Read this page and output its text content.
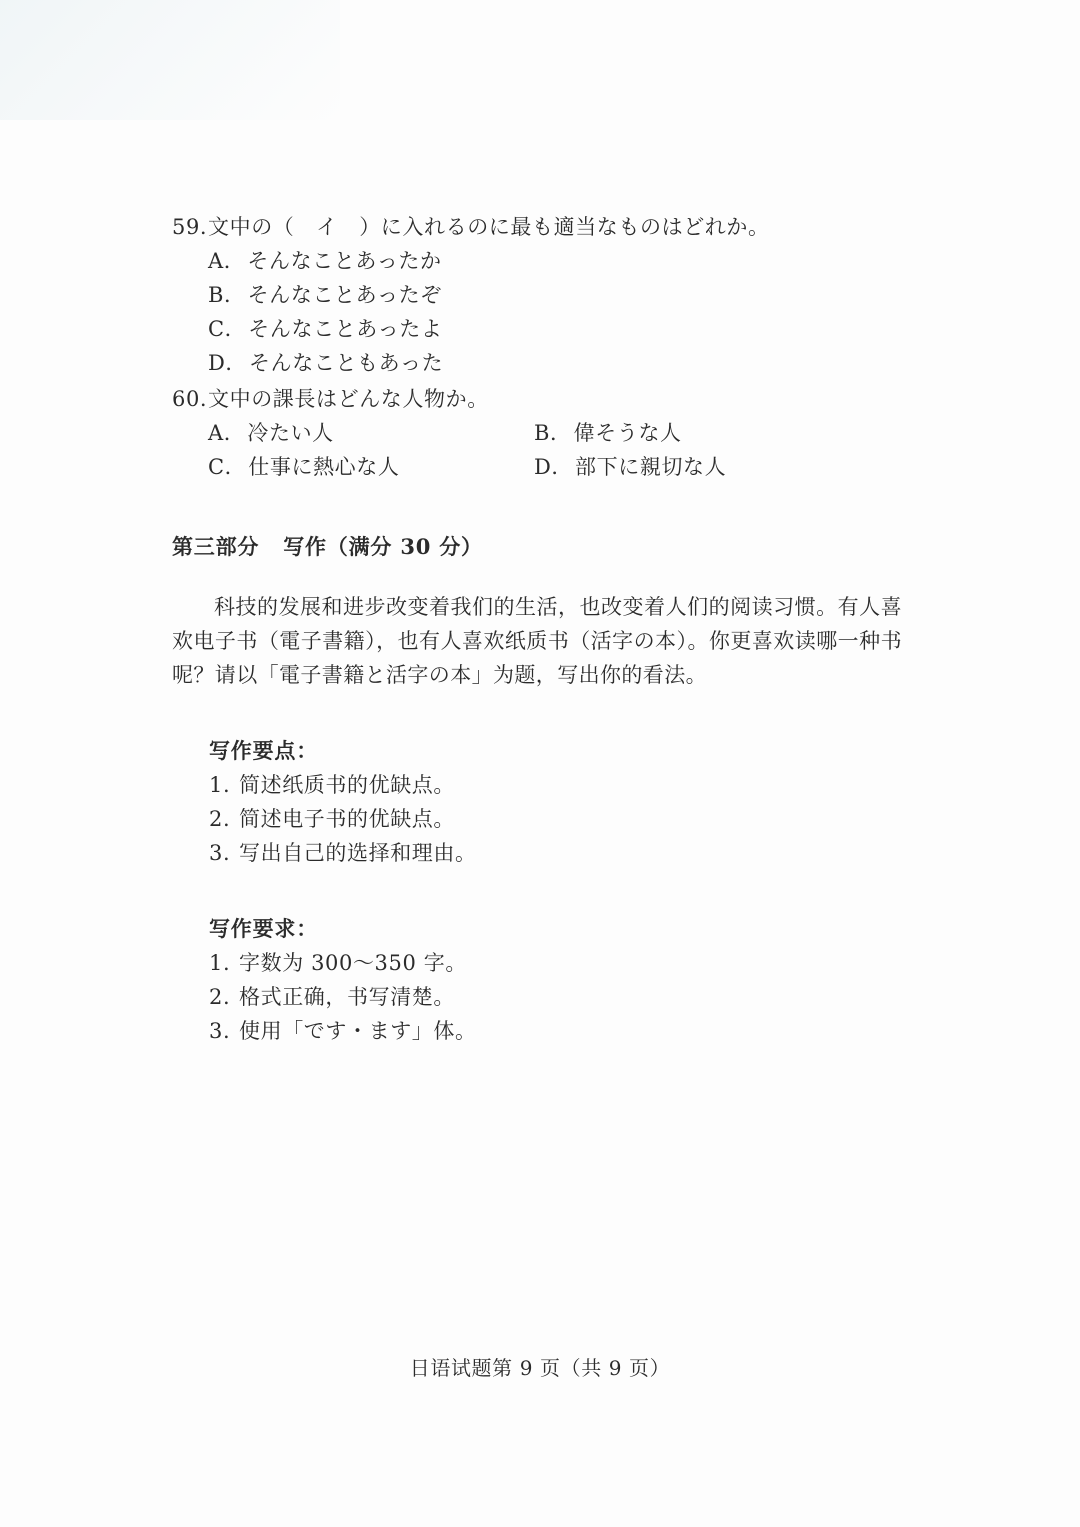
59.文中の（　イ　）に入れるのに最も適当なものはどれか。
A．そんなことあったか
B．そんなことあったぞ
C．そんなことあったよ
D．そんなこともあった
60.文中の課長はどんな人物か。
A．冷たい人	B．偉そうな人
C．仕事に熱心な人	D．部下に親切な人
第三部分 写作（满分 30 分）
科技的发展和进步改变着我们的生活，也改变着人们的阅读习惯。有人喜欢电子书（電子書籍），也有人喜欢纸质书（活字の本）。你更喜欢读哪一种书呢？请以「電子書籍と活字の本」为题，写出你的看法。
写作要点：
1. 简述纸质书的优缺点。
2. 简述电子书的优缺点。
3. 写出自己的选择和理由。
写作要求：
1. 字数为 300～350 字。
2. 格式正确，书写清楚。
3. 使用「です・ます」体。
日语试题第 9 页（共 9 页）
